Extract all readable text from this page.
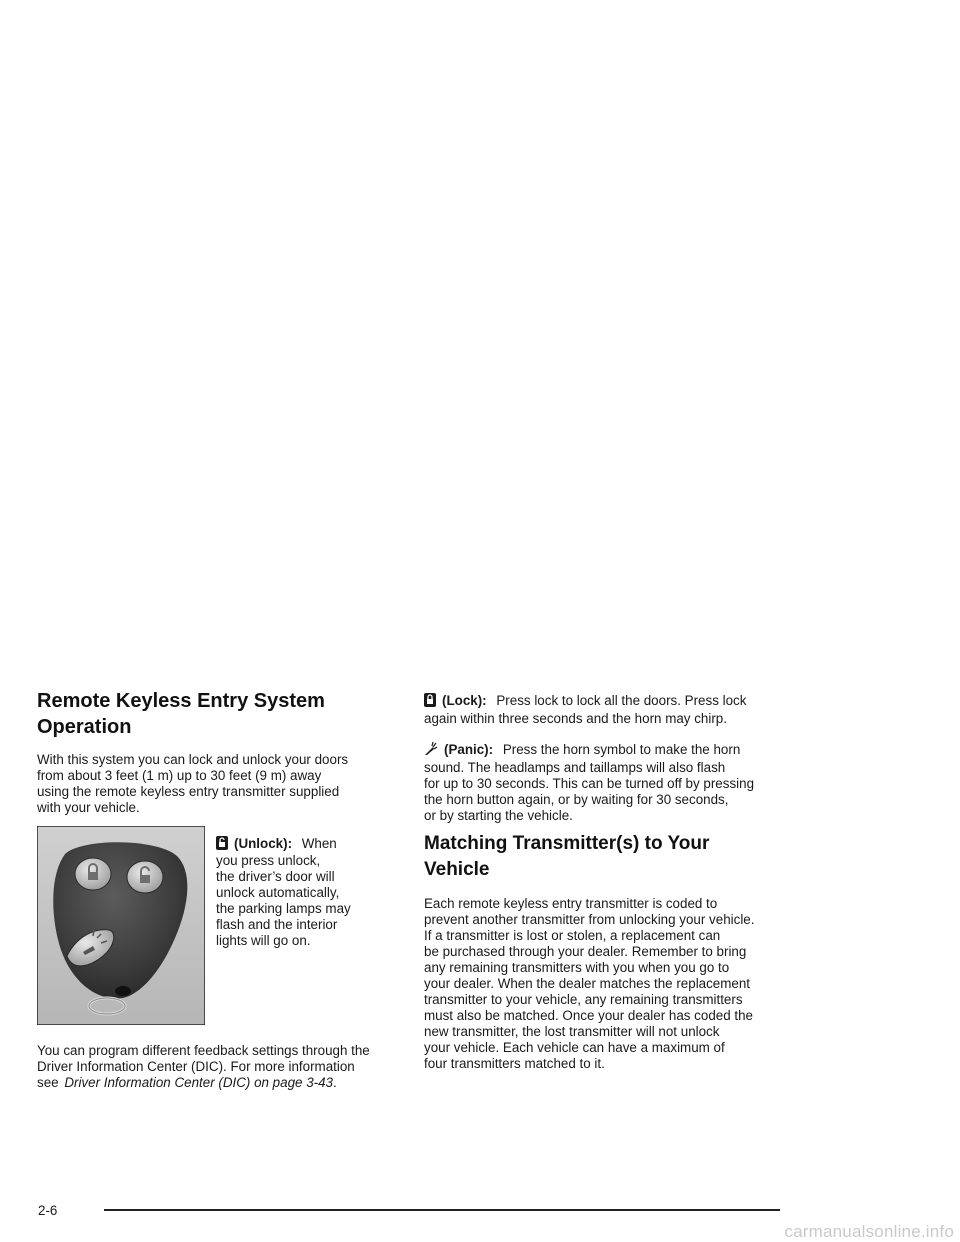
Remote Keyless Entry System
Operation
With this system you can lock and unlock your doors
from about 3 feet (1 m) up to 30 feet (9 m) away
using the remote keyless entry transmitter supplied
with your vehicle.
(Unlock): When
you press unlock,
the driver’s door will
unlock automatically,
the parking lamps may
flash and the interior
lights will go on.
You can program different feedback settings through the
Driver Information Center (DIC). For more information
see Driver Information Center (DIC) on page 3-43.
(Lock): Press lock to lock all the doors. Press lock
again within three seconds and the horn may chirp.
(Panic): Press the horn symbol to make the horn
sound. The headlamps and taillamps will also flash
for up to 30 seconds. This can be turned off by pressing
the horn button again, or by waiting for 30 seconds,
or by starting the vehicle.
Matching Transmitter(s) to Your
Vehicle
Each remote keyless entry transmitter is coded to
prevent another transmitter from unlocking your vehicle.
If a transmitter is lost or stolen, a replacement can
be purchased through your dealer. Remember to bring
any remaining transmitters with you when you go to
your dealer. When the dealer matches the replacement
transmitter to your vehicle, any remaining transmitters
must also be matched. Once your dealer has coded the
new transmitter, the lost transmitter will not unlock
your vehicle. Each vehicle can have a maximum of
four transmitters matched to it.
2-6
carmanualsonline.info
